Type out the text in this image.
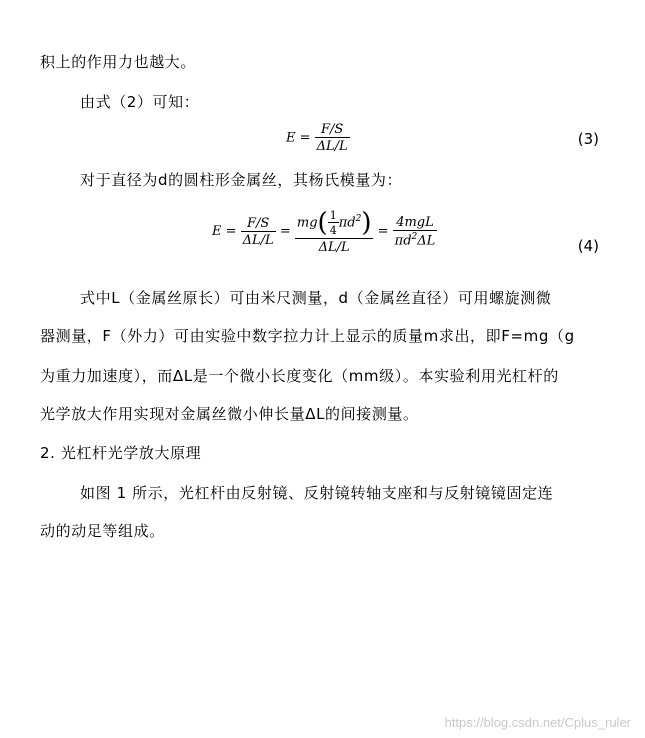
积上的作用力也越大。
由式（2）可知：
$E = \frac{F/S}{\Delta L/L}$	(3)
对于直径为d的圆柱形金属丝，其杨氏模量为：
$E = \frac{F/S}{\Delta L/L} = \frac{mg( \frac{1}{4} \pi d^2)}{\Delta L/L} = \frac{\text{4mgL}}{\pi d^2\Delta L}$	(4)
式中L（金属丝原长）可由米尺测量，d（金属丝直径）可用螺旋测微
器测量，F（外力）可由实验中数字拉力计上显示的质量m求出，即F=mg（g
为重力加速度），而ΔL是一个微小长度变化（mm级）。本实验利用光杠杆的
光学放大作用实现对金属丝微小伸长量ΔL的间接测量。
2. 光杠杆光学放大原理
如图 1 所示，光杠杆由反射镜、反射镜转轴支座和与反射镜镜固定连
动的动足等组成。
https://blog.csdn.net/Cplus_ruler
